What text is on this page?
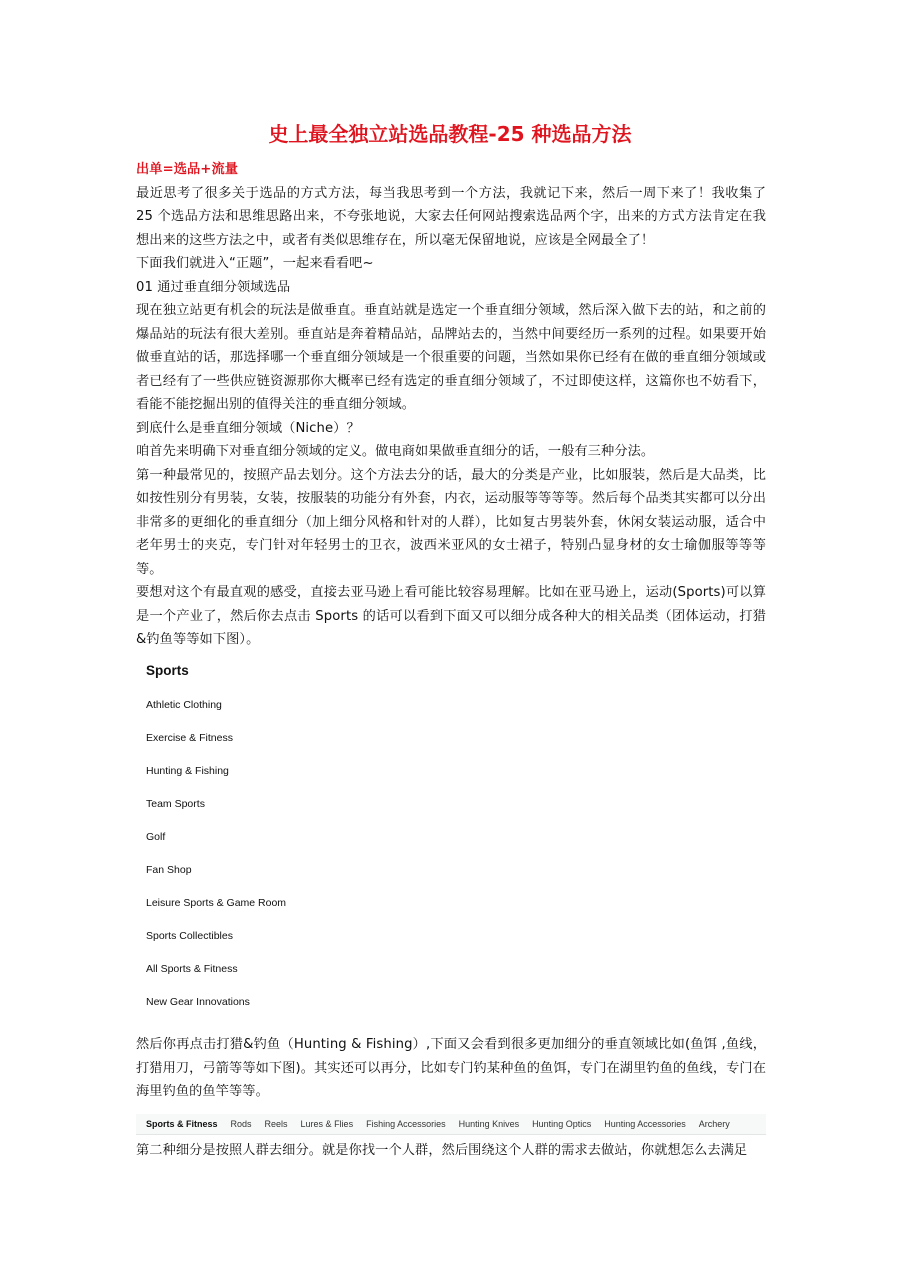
史上最全独立站选品教程-25 种选品方法

出单=选品+流量

最近思考了很多关于选品的方式方法，每当我思考到一个方法，我就记下来，然后一周下来了！我收集了 25 个选品方法和思维思路出来，不夸张地说，大家去任何网站搜索选品两个字，出来的方式方法肯定在我想出来的这些方法之中，或者有类似思维存在，所以毫无保留地说，应该是全网最全了！

下面我们就进入“正题”，一起来看看吧~

01 通过垂直细分领域选品

现在独立站更有机会的玩法是做垂直。垂直站就是选定一个垂直细分领域，然后深入做下去的站，和之前的爆品站的玩法有很大差别。垂直站是奔着精品站，品牌站去的，当然中间要经历一系列的过程。如果要开始做垂直站的话，那选择哪一个垂直细分领域是一个很重要的问题，当然如果你已经有在做的垂直细分领域或者已经有了一些供应链资源那你大概率已经有选定的垂直细分领域了，不过即使这样，这篇你也不妨看下，看能不能挖掘出别的值得关注的垂直细分领域。

到底什么是垂直细分领域（Niche）？

咱首先来明确下对垂直细分领域的定义。做电商如果做垂直细分的话，一般有三种分法。

第一种最常见的，按照产品去划分。这个方法去分的话，最大的分类是产业，比如服装，然后是大品类，比如按性别分有男装，女装，按服装的功能分有外套，内衣，运动服等等等等。然后每个品类其实都可以分出非常多的更细化的垂直细分（加上细分风格和针对的人群），比如复古男装外套，休闲女装运动服，适合中老年男士的夹克，专门针对年轻男士的卫衣，波西米亚风的女士裙子，特别凸显身材的女士瑜伽服等等等等。

要想对这个有最直观的感受，直接去亚马逊上看可能比较容易理解。比如在亚马逊上，运动(Sports)可以算是一个产业了，然后你去点击 Sports 的话可以看到下面又可以细分成各种大的相关品类（团体运动，打猎&钓鱼等等如下图）。

Sports
Athletic Clothing
Exercise & Fitness
Hunting & Fishing
Team Sports
Golf
Fan Shop
Leisure Sports & Game Room
Sports Collectibles
All Sports & Fitness
New Gear Innovations

然后你再点击打猎&钓鱼（Hunting & Fishing）,下面又会看到很多更加细分的垂直领域比如(鱼饵 ,鱼线，打猎用刀，弓箭等等如下图)。其实还可以再分，比如专门钓某种鱼的鱼饵，专门在湖里钓鱼的鱼线，专门在海里钓鱼的鱼竿等等。

Sports & Fitness Rods Reels Lures & Flies Fishing Accessories Hunting Knives Hunting Optics Hunting Accessories Archery

第二种细分是按照人群去细分。就是你找一个人群，然后围绕这个人群的需求去做站，你就想怎么去满足
